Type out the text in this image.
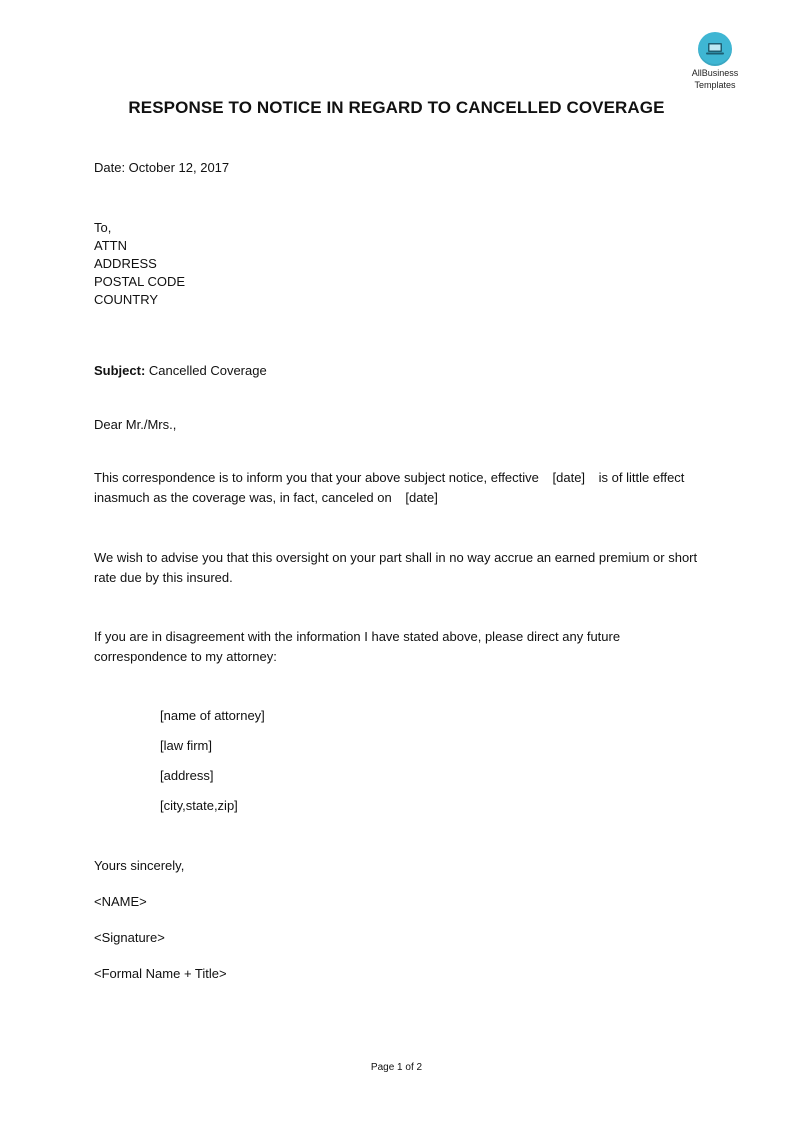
AllBusiness
Templates
RESPONSE TO NOTICE IN REGARD TO CANCELLED COVERAGE
Date: October 12, 2017
To,
ATTN
ADDRESS
POSTAL CODE
COUNTRY
Subject: Cancelled Coverage
Dear Mr./Mrs.,
This correspondence is to inform you that your above subject notice, effective [date] is of little effect inasmuch as the coverage was, in fact, canceled on [date]
We wish to advise you that this oversight on your part shall in no way accrue an earned premium or short rate due by this insured.
If you are in disagreement with the information I have stated above, please direct any future correspondence to my attorney:
[name of attorney]
[law firm]
[address]
[city,state,zip]
Yours sincerely,
<NAME>
<Signature>
<Formal Name + Title>
Page 1 of 2
